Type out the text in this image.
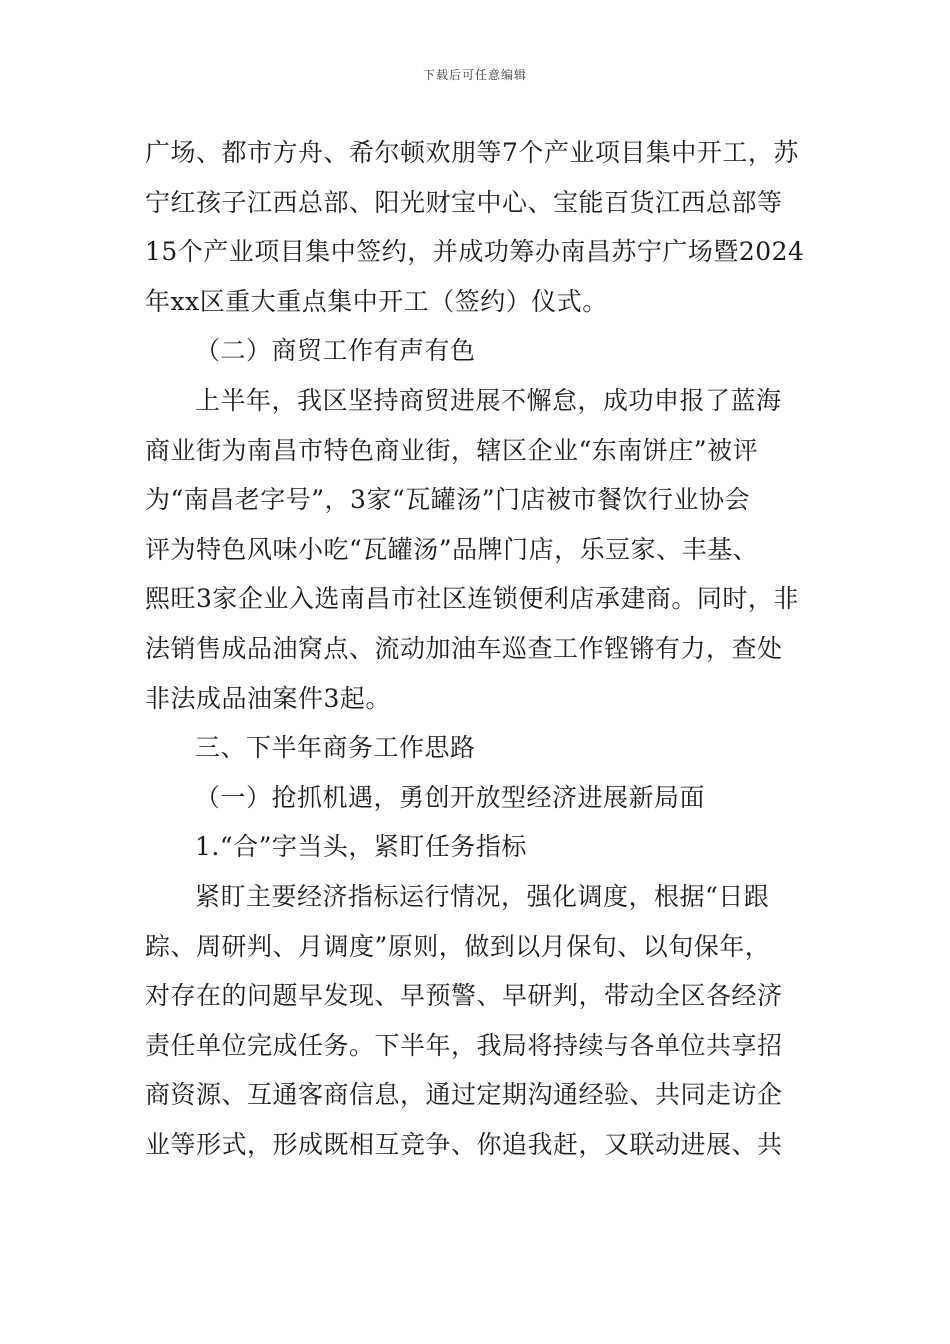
下载后可任意编辑
广场、都市方舟、希尔顿欢朋等7个产业项目集中开工，苏
宁红孩子江西总部、阳光财宝中心、宝能百货江西总部等
15个产业项目集中签约，并成功筹办南昌苏宁广场暨2024
年xx区重大重点集中开工（签约）仪式。
（二）商贸工作有声有色
上半年，我区坚持商贸进展不懈怠，成功申报了蓝海
商业街为南昌市特色商业街，辖区企业“东南饼庄”被评
为“南昌老字号”，3家“瓦罐汤”门店被市餐饮行业协会
评为特色风味小吃“瓦罐汤”品牌门店，乐豆家、丰基、
熙旺3家企业入选南昌市社区连锁便利店承建商。同时，非
法销售成品油窝点、流动加油车巡查工作铿锵有力，查处
非法成品油案件3起。
三、下半年商务工作思路
（一）抢抓机遇，勇创开放型经济进展新局面
1.“合”字当头，紧盯任务指标
紧盯主要经济指标运行情况，强化调度，根据“日跟
踪、周研判、月调度”原则，做到以月保旬、以旬保年，
对存在的问题早发现、早预警、早研判，带动全区各经济
责任单位完成任务。下半年，我局将持续与各单位共享招
商资源、互通客商信息，通过定期沟通经验、共同走访企
业等形式，形成既相互竞争、你追我赶，又联动进展、共
